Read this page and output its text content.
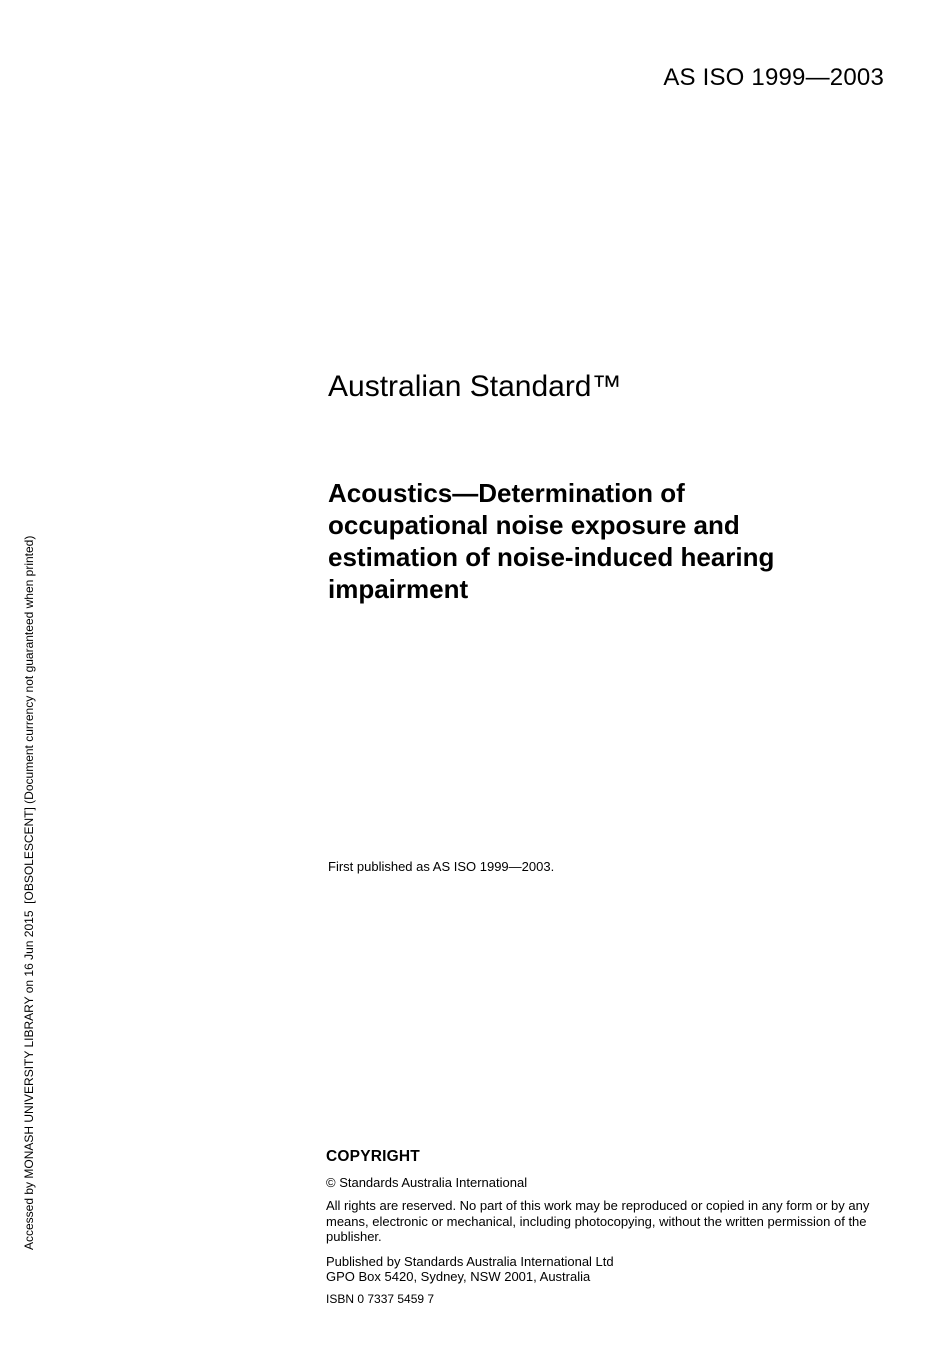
Accessed by MONASH UNIVERSITY LIBRARY on 16 Jun 2015  [OBSOLESCENT] (Document currency not guaranteed when printed)
AS ISO 1999—2003
Australian Standard™
Acoustics—Determination of
occupational noise exposure and
estimation of noise-induced hearing
impairment
First published as AS ISO 1999—2003.
COPYRIGHT

© Standards Australia International

All rights are reserved. No part of this work may be reproduced or copied in any form or by any means, electronic or mechanical, including photocopying, without the written permission of the publisher.

Published by Standards Australia International Ltd
GPO Box 5420, Sydney, NSW 2001, Australia

ISBN 0 7337 5459 7
